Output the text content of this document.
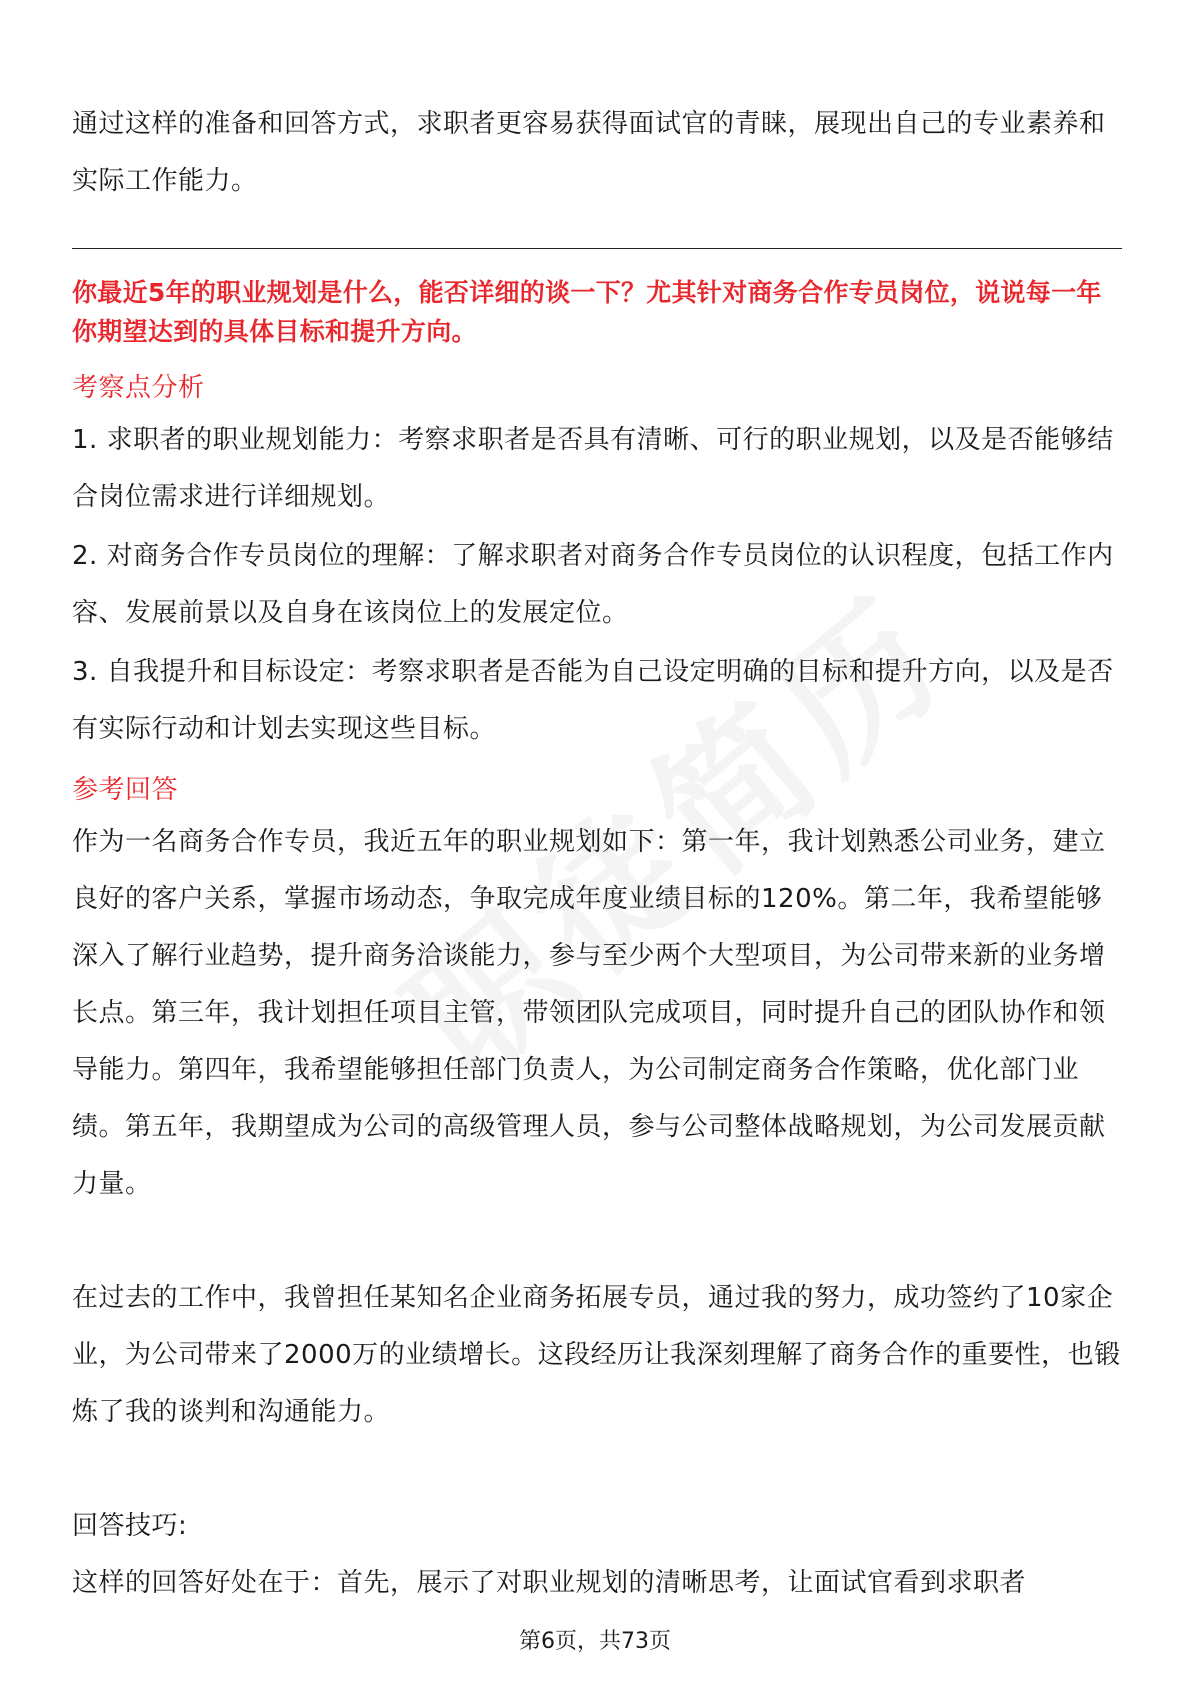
通过这样的准备和回答方式，求职者更容易获得面试官的青睐，展现出自己的专业素养和实际工作能力。

你最近5年的职业规划是什么，能否详细的谈一下？尤其针对商务合作专员岗位，说说每一年你期望达到的具体目标和提升方向。

考察点分析

1. 求职者的职业规划能力：考察求职者是否具有清晰、可行的职业规划，以及是否能够结合岗位需求进行详细规划。

2. 对商务合作专员岗位的理解：了解求职者对商务合作专员岗位的认识程度，包括工作内容、发展前景以及自身在该岗位上的发展定位。

3. 自我提升和目标设定：考察求职者是否能为自己设定明确的目标和提升方向，以及是否有实际行动和计划去实现这些目标。

参考回答

作为一名商务合作专员，我近五年的职业规划如下：第一年，我计划熟悉公司业务，建立良好的客户关系，掌握市场动态，争取完成年度业绩目标的120%。第二年，我希望能够深入了解行业趋势，提升商务洽谈能力，参与至少两个大型项目，为公司带来新的业务增长点。第三年，我计划担任项目主管，带领团队完成项目，同时提升自己的团队协作和领导能力。第四年，我希望能够担任部门负责人，为公司制定商务合作策略，优化部门业绩。第五年，我期望成为公司的高级管理人员，参与公司整体战略规划，为公司发展贡献力量。

在过去的工作中，我曾担任某知名企业商务拓展专员，通过我的努力，成功签约了10家企业，为公司带来了2000万的业绩增长。这段经历让我深刻理解了商务合作的重要性，也锻炼了我的谈判和沟通能力。

回答技巧:

这样的回答好处在于：首先，展示了对职业规划的清晰思考，让面试官看到求职者

第6页，共73页
